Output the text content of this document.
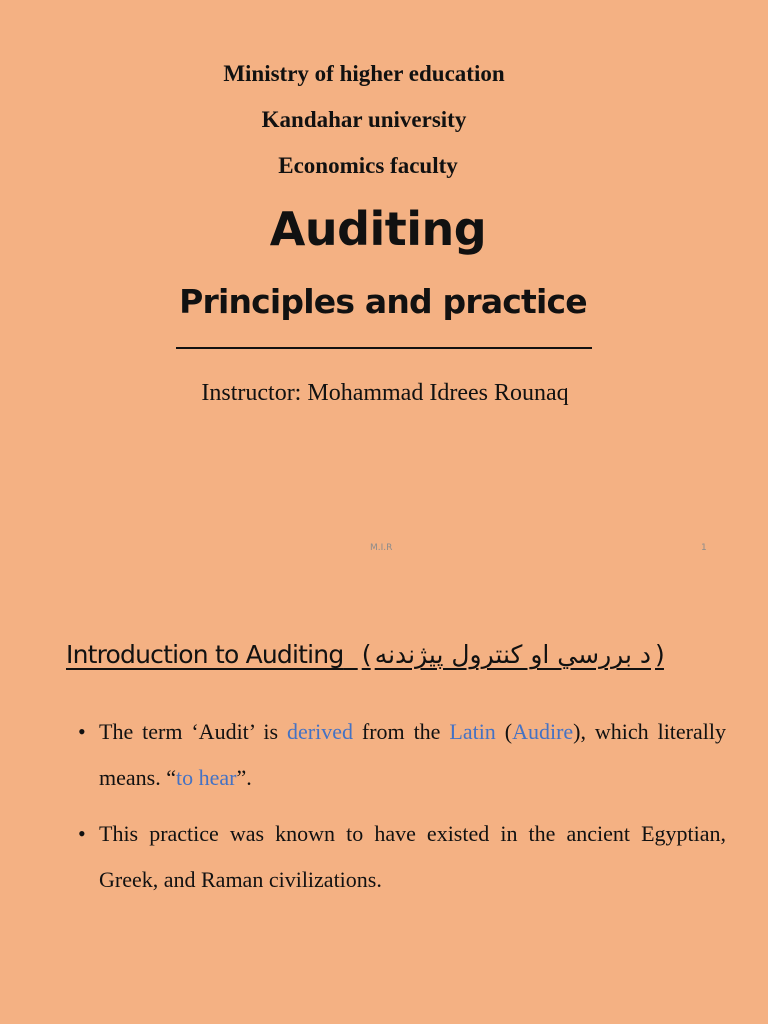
Ministry of higher education
Kandahar university
Economics faculty
Auditing
Principles and practice
Instructor: Mohammad Idrees Rounaq
M.I.R	1
Introduction to Auditing ( د بررسي او كنترول پيژندنه )
• The term ‘Audit’ is derived from the Latin (Audire), which literally means. “to hear”.
• This practice was known to have existed in the ancient Egyptian, Greek, and Raman civilizations.
